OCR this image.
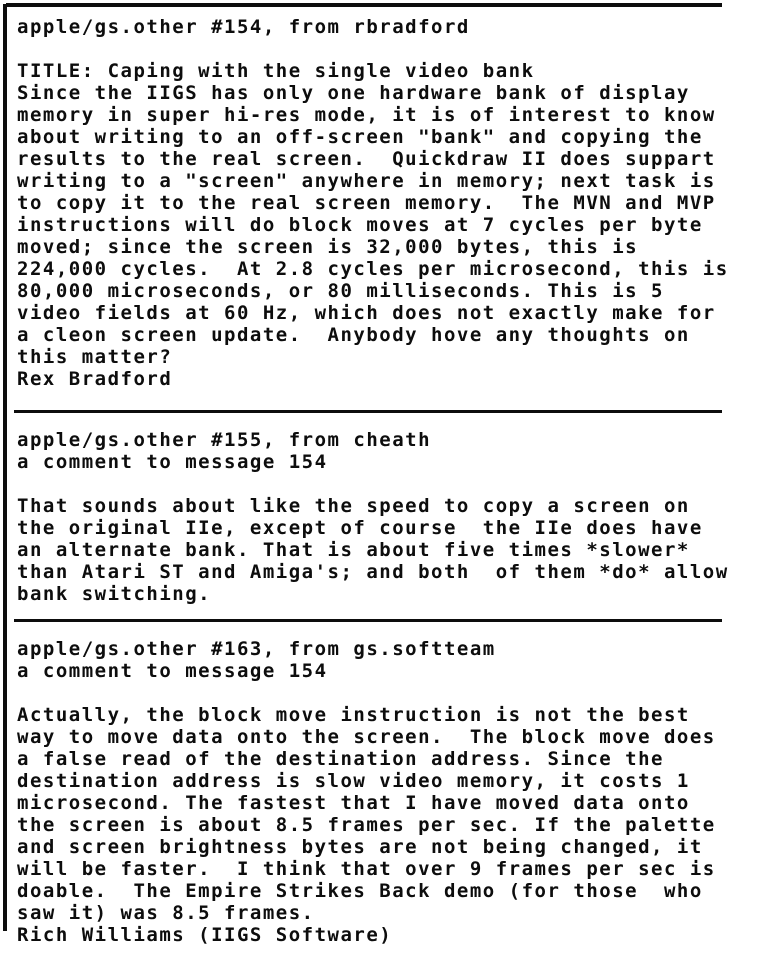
apple/gs.other #154, from rbradford
TITLE: Caping with the single video bank
Since the IIGS has only one hardware bank of display
memory in super hi-res mode, it is of interest to know
about writing to an off-screen "bank" and copying the
results to the real screen.  Quickdraw II does suppart
writing to a "screen" anywhere in memory; next task is
to copy it to the real screen memory.  The MVN and MVP
instructions will do block moves at 7 cycles per byte
moved; since the screen is 32,000 bytes, this is
224,000 cycles.  At 2.8 cycles per microsecond, this is
80,000 microseconds, or 80 milliseconds. This is 5
video fields at 60 Hz, which does not exactly make for
a cleon screen update.  Anybody hove any thoughts on
this matter?
Rex Bradford
apple/gs.other #155, from cheath
a comment to message 154
That sounds about like the speed to copy a screen on
the original IIe, except of course  the IIe does have
an alternate bank. That is about five times *slower*
than Atari ST and Amiga's; and both  of them *do* allow
bank switching.
apple/gs.other #163, from gs.softteam
a comment to message 154
Actually, the block move instruction is not the best
way to move data onto the screen.  The block move does
a false read of the destination address. Since the
destination address is slow video memory, it costs 1
microsecond. The fastest that I have moved data onto
the screen is about 8.5 frames per sec. If the palette
and screen brightness bytes are not being changed, it
will be faster.  I think that over 9 frames per sec is
doable.  The Empire Strikes Back demo (for those  who
saw it) was 8.5 frames.
Rich Williams (IIGS Software)
